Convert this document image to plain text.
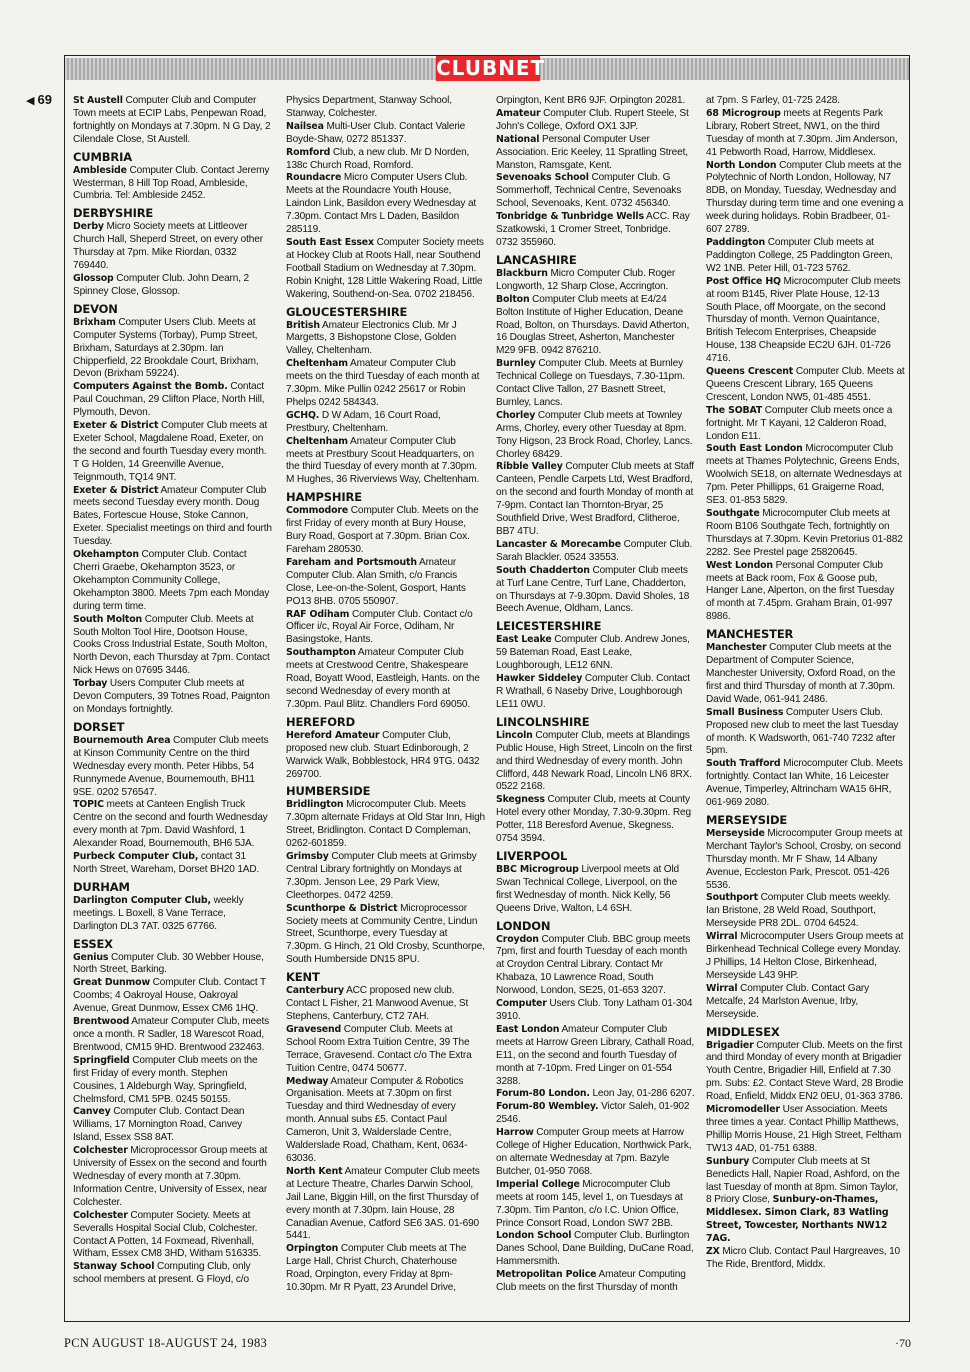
CLUBNET
◀ 69 St Austell Computer Club and Computer Town meets at ECIP Labs, Penpewan Road, fortnightly on Mondays at 7.30pm. N G Day, 2 Cilendale Close, St Austell.

CUMBRIA

Ambleside Computer Club. Contact Jeremy Westerman, 8 Hill Top Road, Ambleside, Cumbria. Tel: Ambleside 2452.

DERBYSHIRE

Derby Micro Society meets at Littleover Church Hall, Sheperd Street, on every other Thursday at 7pm. Mike Riordan, 0332 769440.

Glossop Computer Club. John Dearn, 2 Spinney Close, Glossop.

DEVON

Brixham Computer Users Club. Meets at Computer Systems (Torbay), Pump Street, Brixham, Saturdays at 2.30pm. Ian Chipperfield, 22 Brookdale Court, Brixham, Devon (Brixham 59224).

Computers Against the Bomb. Contact Paul Couchman, 29 Clifton Place, North Hill, Plymouth, Devon.

Exeter & District Computer Club meets at Exeter School, Magdalene Road, Exeter, on the second and fourth Tuesday every month. T G Holden, 14 Greenville Avenue, Teignmouth, TQ14 9NT.

Exeter & District Amateur Computer Club meets second Tuesday every month. Doug Bates, Fortescue House, Stoke Cannon, Exeter. Specialist meetings on third and fourth Tuesday.

Okehampton Computer Club. Contact Cherri Graebe, Okehampton 3523, or Okehampton Community College, Okehampton 3800. Meets 7pm each Monday during term time.

South Molton Computer Club. Meets at South Molton Tool Hire, Dootson House, Cooks Cross Industrial Estate, South Molton, North Devon, each Thursday at 7pm. Contact Nick Hews on 07695 3446.

Torbay Users Computer Club meets at Devon Computers, 39 Totnes Road, Paignton on Mondays fortnightly.

DORSET

Bournemouth Area Computer Club meets at Kinson Community Centre on the third Wednesday every month. Peter Hibbs, 54 Runnymede Avenue, Bournemouth, BH11 9SE. 0202 576547.

TOPIC meets at Canteen English Truck Centre on the second and fourth Wednesday every month at 7pm. David Washford, 1 Alexander Road, Bournemouth, BH6 5JA.

Purbeck Computer Club, contact 31 North Street, Wareham, Dorset BH20 1AD.

DURHAM

Darlington Computer Club, weekly meetings. L Boxell, 8 Vane Terrace, Darlington DL3 7AT. 0325 67766.

ESSEX

Genius Computer Club. 30 Webber House, North Street, Barking.

Great Dunmow Computer Club. Contact T Coombs; 4 Oakroyal House, Oakroyal Avenue, Great Dunmow, Essex CM6 1HQ.

Brentwood Amateur Computer Club, meets once a month. R Sadler, 18 Warescot Road, Brentwood, CM15 9HD. Brentwood 232463.

Springfield Computer Club meets on the first Friday of every month. Stephen Cousines, 1 Aldeburgh Way, Springfield, Chelmsford, CM1 5PB. 0245 50155.

Canvey Computer Club. Contact Dean Williams, 17 Mornington Road, Canvey Island, Essex SS8 8AT.

Colchester Microprocessor Group meets at University of Essex on the second and fourth Wednesday of every month at 7.30pm. Information Centre, University of Essex, near Colchester.

Colchester Computer Society. Meets at Severalls Hospital Social Club, Colchester. Contact A Potten, 14 Foxmead, Rivenhall, Witham, Essex CM8 3HD, Witham 516335.

Stanway School Computing Club, only school members at present. G Floyd, c/o

Physics Department, Stanway School, Stanway, Colchester.

Nailsea Multi-User Club. Contact Valerie Boyde-Shaw, 0272 851337.

Romford Club, a new club. Mr D Norden, 138c Church Road, Romford.

Roundacre Micro Computer Users Club. Meets at the Roundacre Youth House, Laindon Link, Basildon every Wednesday at 7.30pm. Contact Mrs L Daden, Basildon 285119.

South East Essex Computer Society meets at Hockey Club at Roots Hall, near Southend Football Stadium on Wednesday at 7.30pm. Robin Knight, 128 Little Wakering Road, Little Wakering, Southend-on-Sea. 0702 218456.

GLOUCESTERSHIRE

British Amateur Electronics Club. Mr J Margetts, 3 Bishopstone Close, Golden Valley, Cheltenham.

Cheltenham Amateur Computer Club meets on the third Tuesday of each month at 7.30pm. Mike Pullin 0242 25617 or Robin Phelps 0242 584343.

GCHQ. D W Adam, 16 Court Road, Prestbury, Cheltenham.

Cheltenham Amateur Computer Club meets at Prestbury Scout Headquarters, on the third Tuesday of every month at 7.30pm. M Hughes, 36 Riverviews Way, Cheltenham.

HAMPSHIRE

Commodore Computer Club. Meets on the first Friday of every month at Bury House, Bury Road, Gosport at 7.30pm. Brian Cox. Fareham 280530.

Fareham and Portsmouth Amateur Computer Club. Alan Smith, c/o Francis Close, Lee-on-the-Solent, Gosport, Hants PO13 8HB. 0705 550907.

RAF Odiham Computer Club. Contact c/o Officer i/c, Royal Air Force, Odiham, Nr Basingstoke, Hants.

Southampton Amateur Computer Club meets at Crestwood Centre, Shakespeare Road, Boyatt Wood, Eastleigh, Hants. on the second Wednesday of every month at 7.30pm. Paul Blitz. Chandlers Ford 69050.

HEREFORD

Hereford Amateur Computer Club, proposed new club. Stuart Edinborough, 2 Warwick Walk, Bobblestock, HR4 9TG. 0432 269700.

HUMBERSIDE

Bridlington Microcomputer Club. Meets 7.30pm alternate Fridays at Old Star Inn, High Street, Bridlington. Contact D Compleman, 0262-601859.

Grimsby Computer Club meets at Grimsby Central Library fortnightly on Mondays at 7.30pm. Jenson Lee, 29 Park View, Cleethorpes. 0472 4259.

Scunthorpe & District Microprocessor Society meets at Community Centre, Lindun Street, Scunthorpe, every Tuesday at 7.30pm. G Hinch, 21 Old Crosby, Scunthorpe, South Humberside DN15 8PU.

KENT

Canterbury ACC proposed new club. Contact L Fisher, 21 Manwood Avenue, St Stephens, Canterbury, CT2 7AH.

Gravesend Computer Club. Meets at School Room Extra Tuition Centre, 39 The Terrace, Gravesend. Contact c/o The Extra Tuition Centre, 0474 50677.

Medway Amateur Computer & Robotics Organisation. Meets at 7.30pm on first Tuesday and third Wednesday of every month. Annual subs £5. Contact Paul Cameron, Unit 3, Walderslade Centre, Walderslade Road, Chatham, Kent, 0634-63036.

North Kent Amateur Computer Club meets at Lecture Theatre, Charles Darwin School, Jail Lane, Biggin Hill, on the first Thursday of every month at 7.30pm. Iain House, 28 Canadian Avenue, Catford SE6 3AS. 01-690 5441.

Orpington Computer Club meets at The Large Hall, Christ Church, Chaterhouse Road, Orpington, every Friday at 8pm-10.30pm. Mr R Pyatt, 23 Arundel Drive,

Orpington, Kent BR6 9JF. Orpington 20281.

Amateur Computer Club. Rupert Steele, St John's College, Oxford OX1 3JP.

National Personal Computer User Association. Eric Keeley, 11 Spratling Street, Manston, Ramsgate, Kent.

Sevenoaks School Computer Club. G Sommerhoff, Technical Centre, Sevenoaks School, Sevenoaks, Kent. 0732 456340.

Tonbridge & Tunbridge Wells ACC. Ray Szatkowski, 1 Cromer Street, Tonbridge. 0732 355960.

LANCASHIRE

Blackburn Micro Computer Club. Roger Longworth, 12 Sharp Close, Accrington.

Bolton Computer Club meets at E4/24 Bolton Institute of Higher Education, Deane Road, Bolton, on Thursdays. David Atherton, 16 Douglas Street, Asherton, Manchester M29 9FB. 0942 876210.

Burnley Computer Club. Meets at Burnley Technical College on Tuesdays, 7.30-11pm. Contact Clive Tallon, 27 Basnett Street, Burnley, Lancs.

Chorley Computer Club meets at Townley Arms, Chorley, every other Tuesday at 8pm. Tony Higson, 23 Brock Road, Chorley, Lancs. Chorley 68429.

Ribble Valley Computer Club meets at Staff Canteen, Pendle Carpets Ltd, West Bradford, on the second and fourth Monday of month at 7-9pm. Contact Ian Thornton-Bryar, 25 Southfield Drive, West Bradford, Clitheroe, BB7 4TU.

Lancaster & Morecambe Computer Club. Sarah Blackler. 0524 33553.

South Chadderton Computer Club meets at Turf Lane Centre, Turf Lane, Chadderton, on Thursdays at 7-9.30pm. David Sholes, 18 Beech Avenue, Oldham, Lancs.

LEICESTERSHIRE

East Leake Computer Club. Andrew Jones, 59 Bateman Road, East Leake, Loughborough, LE12 6NN.

Hawker Siddeley Computer Club. Contact R Wrathall, 6 Naseby Drive, Loughborough LE11 0WU.

LINCOLNSHIRE

Lincoln Computer Club, meets at Blandings Public House, High Street, Lincoln on the first and third Wednesday of every month. John Clifford, 448 Newark Road, Lincoln LN6 8RX. 0522 2168.

Skegness Computer Club, meets at County Hotel every other Monday, 7.30-9.30pm. Reg Potter, 118 Beresford Avenue, Skegness. 0754 3594.

LIVERPOOL

BBC Microgroup Liverpool meets at Old Swan Technical College, Liverpool, on the first Wednesday of month. Nick Kelly, 56 Queens Drive, Walton, L4 6SH.

LONDON

Croydon Computer Club. BBC group meets 7pm, first and fourth Tuesday of each month at Croydon Central Library. Contact Mr Khabaza, 10 Lawrence Road, South Norwood, London, SE25, 01-653 3207.

Computer Users Club. Tony Latham 01-304 3910.

East London Amateur Computer Club meets at Harrow Green Library, Cathall Road, E11, on the second and fourth Tuesday of month at 7-10pm. Fred Linger on 01-554 3288.

Forum-80 London. Leon Jay, 01-286 6207.

Forum-80 Wembley. Victor Saleh, 01-902 2546.

Harrow Computer Group meets at Harrow College of Higher Education, Northwick Park, on alternate Wednesday at 7pm. Bazyle Butcher, 01-950 7068.

Imperial College Microcomputer Club meets at room 145, level 1, on Tuesdays at 7.30pm. Tim Panton, c/o I.C. Union Office, Prince Consort Road, London SW7 2BB.

London School Computer Club. Burlington Danes School, Dane Building, DuCane Road, Hammersmith.

Metropolitan Police Amateur Computing Club meets on the first Thursday of month

at 7pm. S Farley, 01-725 2428.

68 Microgroup meets at Regents Park Library, Robert Street, NW1, on the third Tuesday of month at 7.30pm. Jim Anderson, 41 Pebworth Road, Harrow, Middlesex.

North London Computer Club meets at the Polytechnic of North London, Holloway, N7 8DB, on Monday, Tuesday, Wednesday and Thursday during term time and one evening a week during holidays. Robin Bradbeer, 01-607 2789.

Paddington Computer Club meets at Paddington College, 25 Paddington Green, W2 1NB. Peter Hill, 01-723 5762.

Post Office HQ Microcomputer Club meets at room B145, River Plate House, 12-13 South Place, off Moorgate, on the second Thursday of month. Vernon Quaintance, British Telecom Enterprises, Cheapside House, 138 Cheapside EC2U 6JH. 01-726 4716.

Queens Crescent Computer Club. Meets at Queens Crescent Library, 165 Queens Crescent, London NW5, 01-485 4551.

The SOBAT Computer Club meets once a fortnight. Mr T Kayani, 12 Calderon Road, London E11.

South East London Microcomputer Club meets at Thames Polytechnic, Greens Ends, Woolwich SE18, on alternate Wednesdays at 7pm. Peter Phillipps, 61 Graigerne Road, SE3. 01-853 5829.

Southgate Microcomputer Club meets at Room B106 Southgate Tech, fortnightly on Thursdays at 7.30pm. Kevin Pretorius 01-882 2282. See Prestel page 25820645.

West London Personal Computer Club meets at Back room, Fox & Goose pub, Hanger Lane, Alperton, on the first Tuesday of month at 7.45pm. Graham Brain, 01-997 8986.

MANCHESTER

Manchester Computer Club meets at the Department of Computer Science, Manchester University, Oxford Road, on the first and third Thursday of month at 7.30pm. David Wade, 061-941 2486.

Small Business Computer Users Club. Proposed new club to meet the last Tuesday of month. K Wadsworth, 061-740 7232 after 5pm.

South Trafford Microcomputer Club. Meets fortnightly. Contact Ian White, 16 Leicester Avenue, Timperley, Altrincham WA15 6HR, 061-969 2080.

MERSEYSIDE

Merseyside Microcomputer Group meets at Merchant Taylor's School, Crosby, on second Thursday month. Mr F Shaw, 14 Albany Avenue, Eccleston Park, Prescot. 051-426 5536.

Southport Computer Club meets weekly. Ian Bristone, 28 Weld Road, Southport, Merseyside PR8 2DL. 0704 64524.

Wirral Microcomputer Users Group meets at Birkenhead Technical College every Monday. J Phillips, 14 Helton Close, Birkenhead, Merseyside L43 9HP.

Wirral Computer Club. Contact Gary Metcalfe, 24 Marlston Avenue, Irby, Merseyside.

MIDDLESEX

Brigadier Computer Club. Meets on the first and third Monday of every month at Brigadier Youth Centre, Brigadier Hill, Enfield at 7.30 pm. Subs: £2. Contact Steve Ward, 28 Brodie Road, Enfield, Middx EN2 0EU, 01-363 3786.

Micromodeller User Association. Meets three times a year. Contact Phillip Matthews, Phillip Morris House, 21 High Street, Feltham TW13 4AD, 01-751 6388.

Sunbury Computer Club meets at St Benedicts Hall, Napier Road, Ashford, on the last Tuesday of month at 8pm. Simon Taylor, 8 Priory Close, Sunbury-on-Thames, Middlesex. Simon Clark, 83 Watling Street, Towcester, Northants NW12 7AG.

ZX Micro Club. Contact Paul Hargreaves, 10 The Ride, Brentford, Middx.

PCN AUGUST 18-AUGUST 24, 1983	·70
